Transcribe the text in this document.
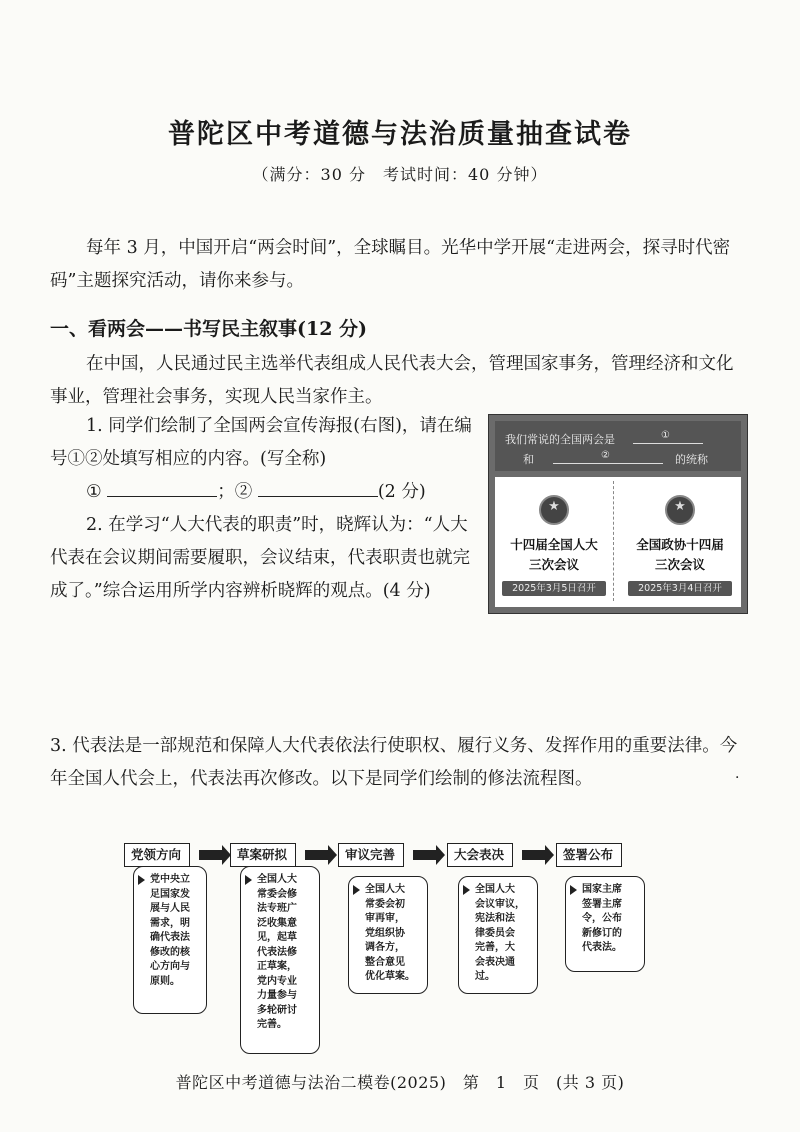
普陀区中考道德与法治质量抽查试卷
（满分：30 分　考试时间：40 分钟）
每年 3 月，中国开启“两会时间”，全球瞩目。光华中学开展“走进两会，探寻时代密码”主题探究活动，请你来参与。
一、看两会——书写民主叙事(12 分)
在中国，人民通过民主选举代表组成人民代表大会，管理国家事务，管理经济和文化事业，管理社会事务，实现人民当家作主。
1. 同学们绘制了全国两会宣传海报(右图)，请在编号①②处填写相应的内容。(写全称)
①	；②	(2 分)
2. 在学习“人大代表的职责”时，晓辉认为：“人大代表在会议期间需要履职，会议结束，代表职责也就完成了。”综合运用所学内容辨析晓辉的观点。(4 分)
我们常说的全国两会是	①
和	②	的统称
★
十四届全国人大
三次会议
2025年3月5日召开
★
全国政协十四届
三次会议
2025年3月4日召开
3. 代表法是一部规范和保障人大代表依法行使职权、履行义务、发挥作用的重要法律。今年全国人代会上，代表法再次修改。以下是同学们绘制的修法流程图。	·
党领方向	草案研拟	审议完善	大会表决	签署公布
党中央立
足国家发
展与人民
需求，明
确代表法
修改的核
心方向与
原则。
全国人大
常委会修
法专班广
泛收集意
见，起草
代表法修
正草案，
党内专业
力量参与
多轮研讨
完善。
全国人大
常委会初
审再审，
党组织协
调各方，
整合意见
优化草案。
全国人大
会议审议，
宪法和法
律委员会
完善，大
会表决通
过。
国家主席
签署主席
令，公布
新修订的
代表法。
普陀区中考道德与法治二模卷(2025)　第　1　页　(共 3 页)
